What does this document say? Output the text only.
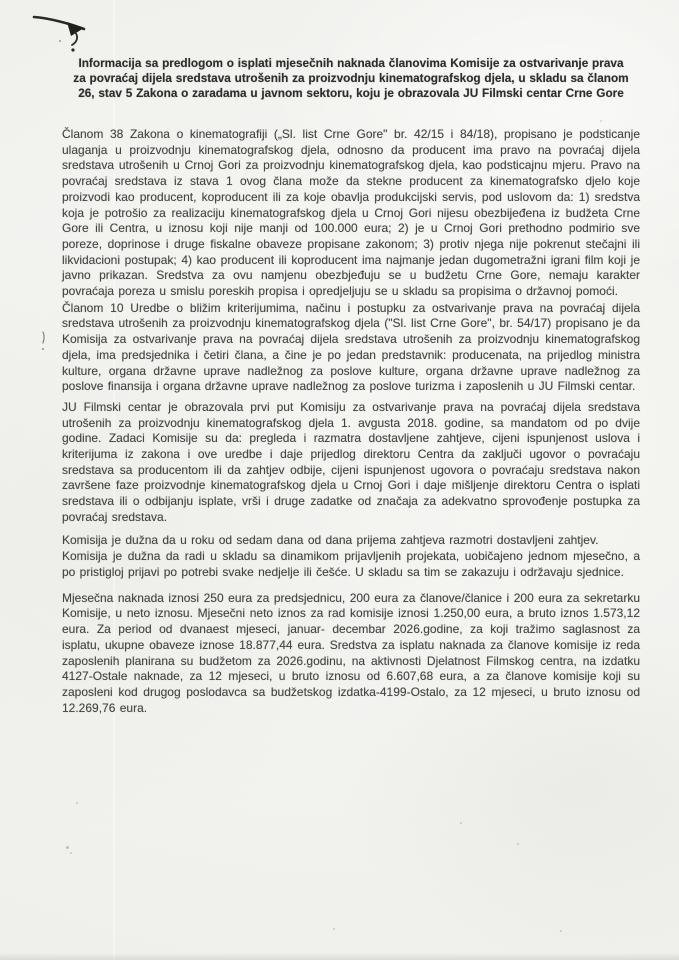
Informacija sa predlogom o isplati mjesečnih naknada članovima Komisije za ostvarivanje prava za povraćaj dijela sredstava utrošenih za proizvodnju kinematografskog djela, u skladu sa članom 26, stav 5 Zakona o zaradama u javnom sektoru, koju je obrazovala JU Filmski centar Crne Gore

Članom 38 Zakona o kinematografiji („Sl. list Crne Gore" br. 42/15 i 84/18), propisano je podsticanje ulaganja u proizvodnju kinematografskog djela, odnosno da producent ima pravo na povraćaj dijela sredstava utrošenih u Crnoj Gori za proizvodnju kinematografskog djela, kao podsticajnu mjeru. Pravo na povraćaj sredstava iz stava 1 ovog člana može da stekne producent za kinematografsko djelo koje proizvodi kao producent, koproducent ili za koje obavlja produkcijski servis, pod uslovom da: 1) sredstva koja je potrošio za realizaciju kinematografskog djela u Crnoj Gori nijesu obezbijeđena iz budžeta Crne Gore ili Centra, u iznosu koji nije manji od 100.000 eura; 2) je u Crnoj Gori prethodno podmirio sve poreze, doprinose i druge fiskalne obaveze propisane zakonom; 3) protiv njega nije pokrenut stečajni ili likvidacioni postupak; 4) kao producent ili koproducent ima najmanje jedan dugometražni igrani film koji je javno prikazan. Sredstva za ovu namjenu obezbjeđuju se u budžetu Crne Gore, nemaju karakter povraćaja poreza u smislu poreskih propisa i opredjeljuju se u skladu sa propisima o državnoj pomoći.

Članom 10 Uredbe o bližim kriterijumima, načinu i postupku za ostvarivanje prava na povraćaj dijela sredstava utrošenih za proizvodnju kinematografskog djela ("Sl. list Crne Gore", br. 54/17) propisano je da Komisija za ostvarivanje prava na povraćaj dijela sredstava utrošenih za proizvodnju kinematografskog djela, ima predsjednika i četiri člana, a čine je po jedan predstavnik: producenata, na prijedlog ministra kulture, organa državne uprave nadležnog za poslove kulture, organa državne uprave nadležnog za poslove finansija i organa državne uprave nadležnog za poslove turizma i zaposlenih u JU Filmski centar.

JU Filmski centar je obrazovala prvi put Komisiju za ostvarivanje prava na povraćaj dijela sredstava utrošenih za proizvodnju kinematografskog djela 1. avgusta 2018. godine, sa mandatom od po dvije godine. Zadaci Komisije su da: pregleda i razmatra dostavljene zahtjeve, cijeni ispunjenost uslova i kriterijuma iz zakona i ove uredbe i daje prijedlog direktoru Centra da zaključi ugovor o povraćaju sredstava sa producentom ili da zahtjev odbije, cijeni ispunjenost ugovora o povraćaju sredstava nakon završene faze proizvodnje kinematografskog djela u Crnoj Gori i daje mišljenje direktoru Centra o isplati sredstava ili o odbijanju isplate, vrši i druge zadatke od značaja za adekvatno sprovođenje postupka za povraćaj sredstava.

Komisija je dužna da u roku od sedam dana od dana prijema zahtjeva razmotri dostavljeni zahtjev.

Komisija je dužna da radi u skladu sa dinamikom prijavljenih projekata, uobičajeno jednom mjesečno, a po pristigloj prijavi po potrebi svake nedjelje ili češće. U skladu sa tim se zakazuju i održavaju sjednice.

Mjesečna naknada iznosi 250 eura za predsjednicu, 200 eura za članove/članice i 200 eura za sekretarku Komisije, u neto iznosu. Mjesečni neto iznos za rad komisije iznosi 1.250,00 eura, a bruto iznos 1.573,12 eura. Za period od dvanaest mjeseci, januar- decembar 2026.godine, za koji tražimo saglasnost za isplatu, ukupne obaveze iznose 18.877,44 eura. Sredstva za isplatu naknada za članove komisije iz reda zaposlenih planirana su budžetom za 2026.godinu, na aktivnosti Djelatnost Filmskog centra, na izdatku 4127-Ostale naknade, za 12 mjeseci, u bruto iznosu od 6.607,68 eura, a za članove komisije koji su zaposleni kod drugog poslodavca sa budžetskog izdatka-4199-Ostalo, za 12 mjeseci, u bruto iznosu od 12.269,76 eura.
